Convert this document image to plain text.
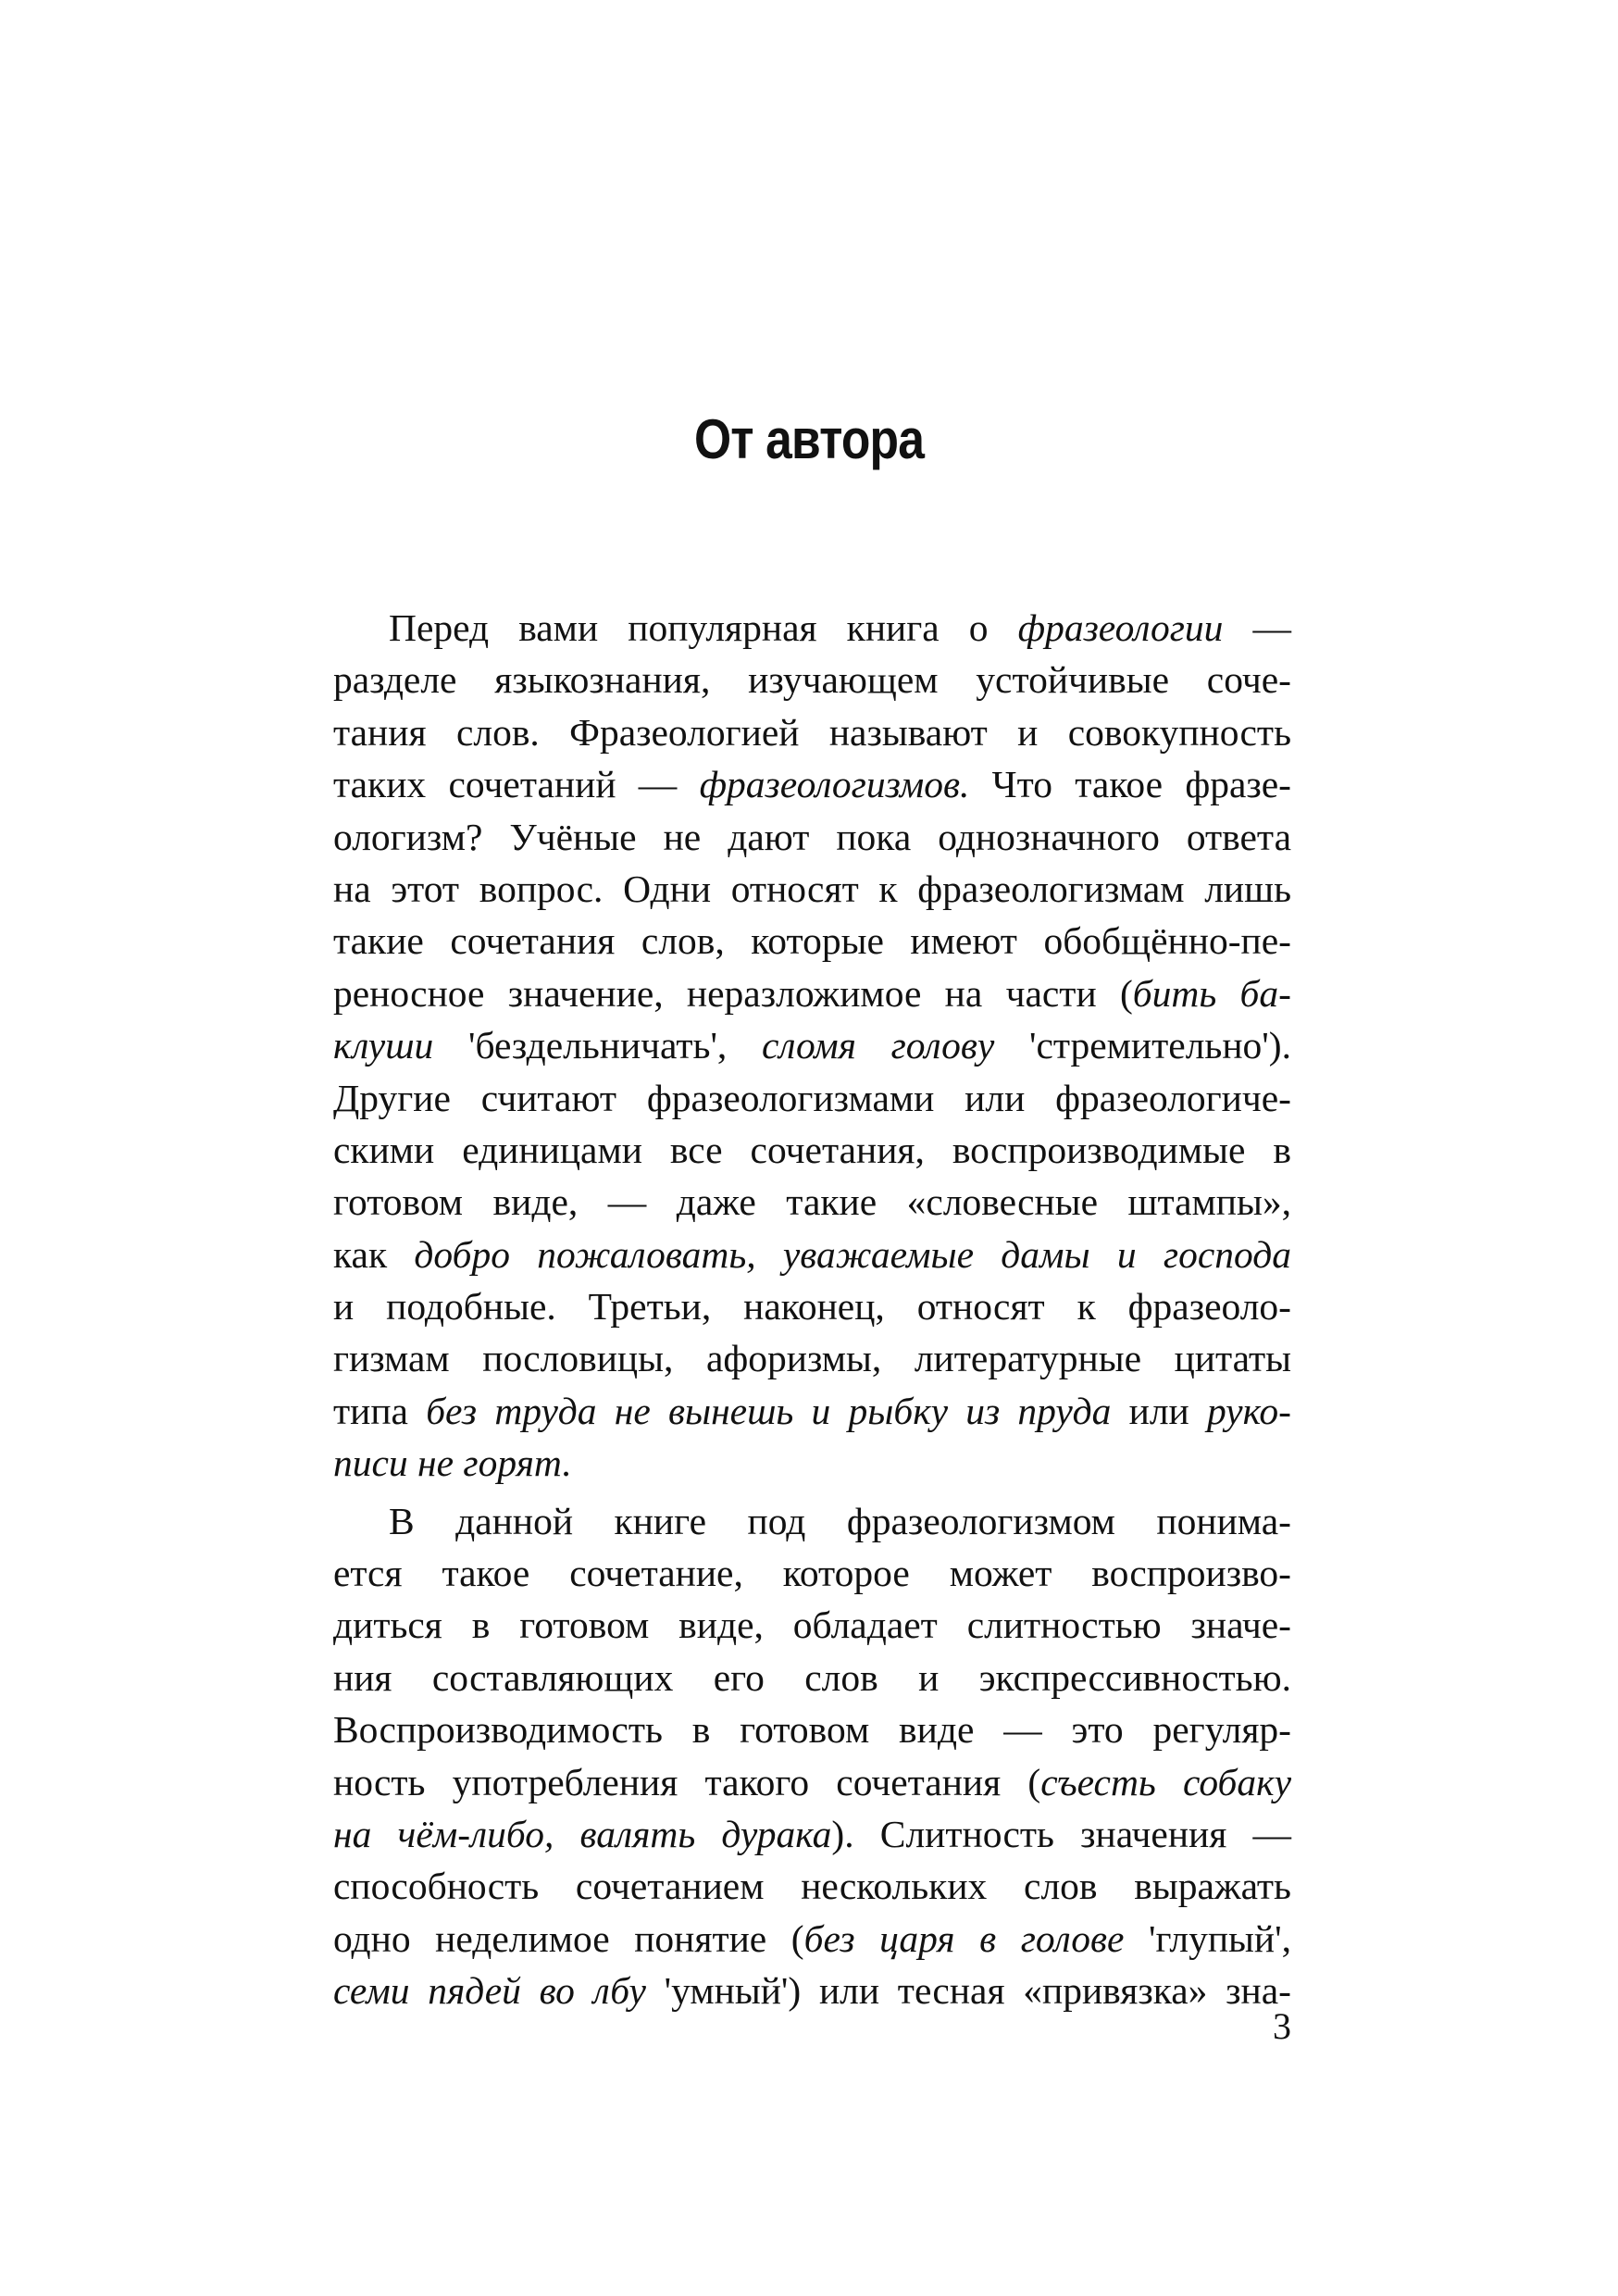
От автора
Перед вами популярная книга о фразеологии —
разделе языкознания, изучающем устойчивые соче-
тания слов. Фразеологией называют и совокупность
таких сочетаний — фразеологизмов. Что такое фразе-
ологизм? Учёные не дают пока однозначного ответа
на этот вопрос. Одни относят к фразеологизмам лишь
такие сочетания слов, которые имеют обобщённо-пе-
реносное значение, неразложимое на части (бить ба-
клуши 'бездельничать', сломя голову 'стремительно').
Другие считают фразеологизмами или фразеологиче-
скими единицами все сочетания, воспроизводимые в
готовом виде, — даже такие «словесные штампы»,
как добро пожаловать, уважаемые дамы и господа
и подобные. Третьи, наконец, относят к фразеоло-
гизмам пословицы, афоризмы, литературные цитаты
типа без труда не вынешь и рыбку из пруда или руко-
писи не горят.
В данной книге под фразеологизмом понима-
ется такое сочетание, которое может воспроизво-
диться в готовом виде, обладает слитностью значе-
ния составляющих его слов и экспрессивностью.
Воспроизводимость в готовом виде — это регуляр-
ность употребления такого сочетания (съесть собаку
на чём-либо, валять дурака). Слитность значения —
способность сочетанием нескольких слов выражать
одно неделимое понятие (без царя в голове 'глупый',
семи пядей во лбу 'умный') или тесная «привязка» зна-
3
